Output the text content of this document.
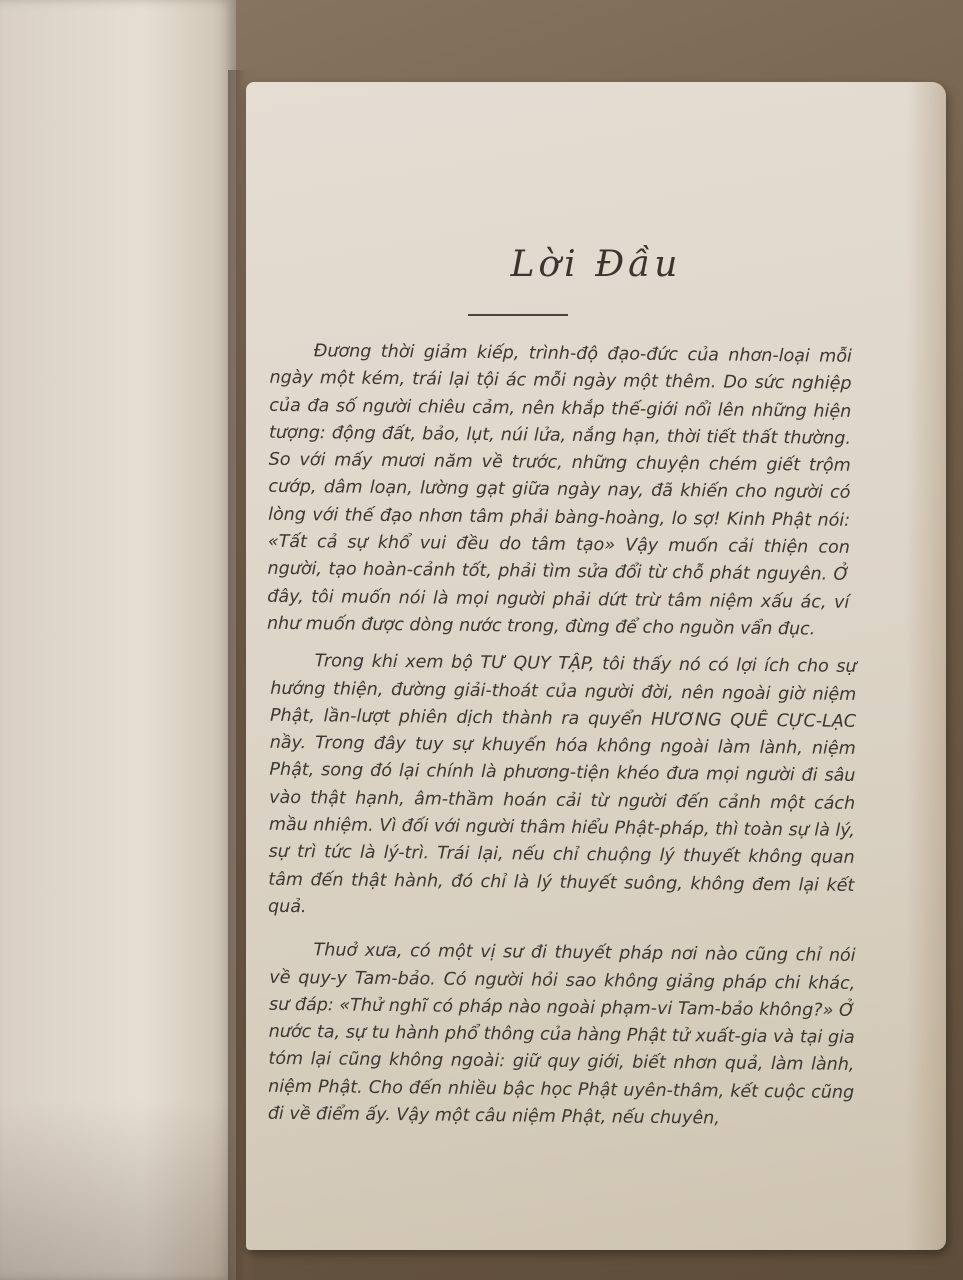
Lời Đầu

Đương thời giảm kiếp, trình-độ đạo-đức của nhơn-loại mỗi ngày một kém, trái lại tội ác mỗi ngày một thêm. Do sức nghiệp của đa số người chiêu cảm, nên khắp thế-giới nổi lên những hiện tượng: động đất, bảo, lụt, núi lửa, nắng hạn, thời tiết thất thường. So với mấy mươi năm về trước, những chuyện chém giết trộm cướp, dâm loạn, lường gạt giữa ngày nay, đã khiến cho người có lòng với thế đạo nhơn tâm phải bàng-hoàng, lo sợ! Kinh Phật nói: «Tất cả sự khổ vui đều do tâm tạo» Vậy muốn cải thiện con người, tạo hoàn-cảnh tốt, phải tìm sửa đổi từ chỗ phát nguyên. Ở đây, tôi muốn nói là mọi người phải dứt trừ tâm niệm xấu ác, ví như muốn được dòng nước trong, đừng để cho nguồn vẩn đục.

Trong khi xem bộ TƯ QUY TẬP, tôi thấy nó có lợi ích cho sự hướng thiện, đường giải-thoát của người đời, nên ngoài giờ niệm Phật, lần-lượt phiên dịch thành ra quyển HƯƠNG QUÊ CỰC-LẠC nầy. Trong đây tuy sự khuyến hóa không ngoài làm lành, niệm Phật, song đó lại chính là phương-tiện khéo đưa mọi người đi sâu vào thật hạnh, âm-thầm hoán cải từ người đến cảnh một cách mầu nhiệm. Vì đối với người thâm hiểu Phật-pháp, thì toàn sự là lý, sự trì tức là lý-trì. Trái lại, nếu chỉ chuộng lý thuyết không quan tâm đến thật hành, đó chỉ là lý thuyết suông, không đem lại kết quả.

Thuở xưa, có một vị sư đi thuyết pháp nơi nào cũng chỉ nói về quy-y Tam-bảo. Có người hỏi sao không giảng pháp chi khác, sư đáp: «Thử nghĩ có pháp nào ngoài phạm-vi Tam-bảo không?» Ở nước ta, sự tu hành phổ thông của hàng Phật tử xuất-gia và tại gia tóm lại cũng không ngoài: giữ quy giới, biết nhơn quả, làm lành, niệm Phật. Cho đến nhiều bậc học Phật uyên-thâm, kết cuộc cũng đi về điểm ấy. Vậy một câu niệm Phật, nếu chuyên,
